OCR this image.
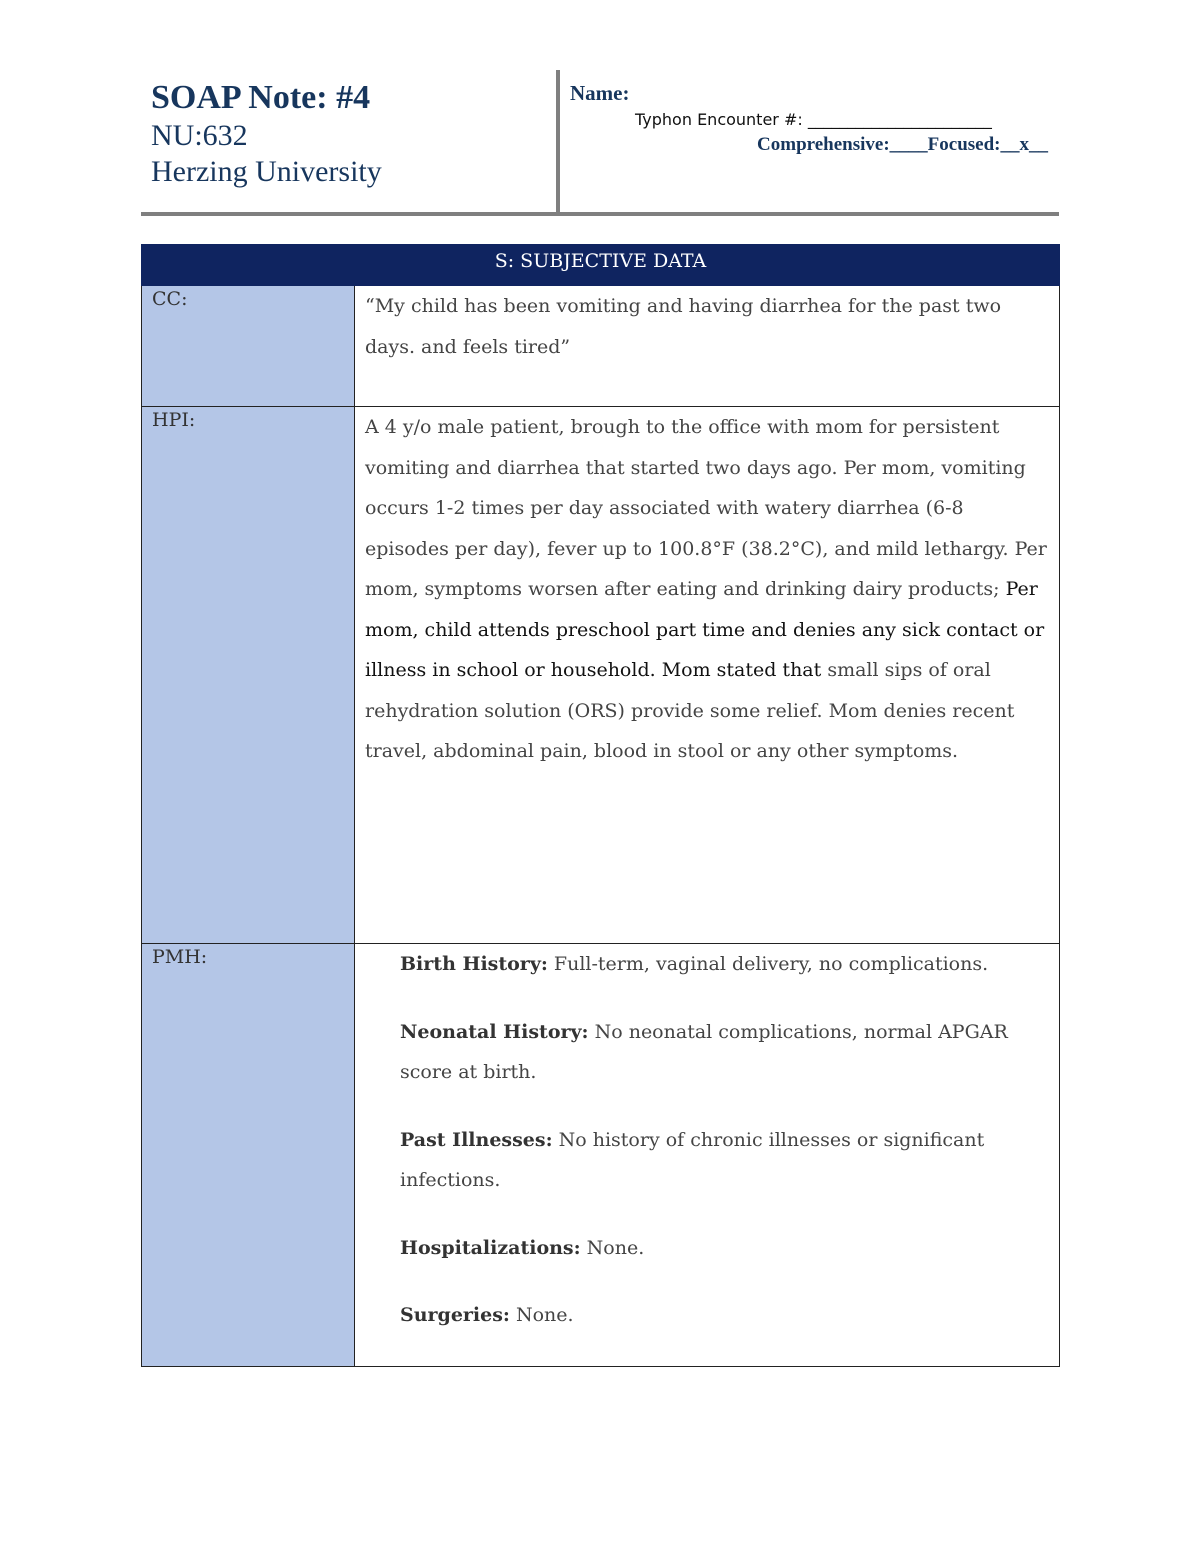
SOAP Note: #4
NU:632
Herzing University
Name:
Typhon Encounter #: _______________________
Comprehensive:____Focused:__x__
S: SUBJECTIVE DATA	
CC:	“My child has been vomiting and having diarrhea for the past two days. and feels tired”
HPI:	A 4 y/o male patient, brough to the office with mom for persistent vomiting and diarrhea that started two days ago. Per mom, vomiting occurs 1-2 times per day associated with watery diarrhea (6-8 episodes per day), fever up to 100.8°F (38.2°C), and mild lethargy. Per mom, symptoms worsen after eating and drinking dairy products; Per mom, child attends preschool part time and denies any sick contact or illness in school or household. Mom stated that small sips of oral rehydration solution (ORS) provide some relief. Mom denies recent travel, abdominal pain, blood in stool or any other symptoms.
PMH:	Birth History: Full-term, vaginal delivery, no complications.
Neonatal History: No neonatal complications, normal APGAR score at birth.
Past Illnesses: No history of chronic illnesses or significant infections.
Hospitalizations: None.
Surgeries: None.
